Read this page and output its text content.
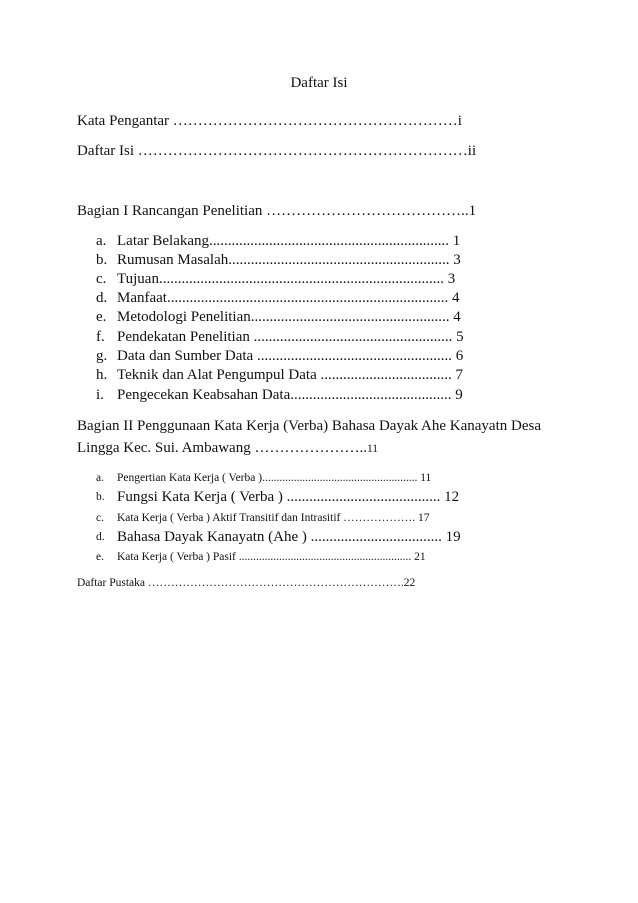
Daftar Isi
Kata Pengantar …………………………………………………i
Daftar Isi …………………………………………………………ii
Bagian I Rancangan Penelitian …………………………………..1
a. Latar Belakang................................................................ 1
b. Rumusan Masalah........................................................... 3
c. Tujuan............................................................................ 3
d. Manfaat........................................................................... 4
e. Metodologi Penelitian..................................................... 4
f. Pendekatan Penelitian ..................................................... 5
g. Data dan Sumber Data .................................................... 6
h. Teknik dan Alat Pengumpul Data ................................... 7
i. Pengecekan Keabsahan Data........................................... 9
Bagian II Penggunaan Kata Kerja (Verba) Bahasa Dayak Ahe Kanayatn Desa
Lingga Kec. Sui. Ambawang …………………..11
a.	Pengertian Kata Kerja ( Verba )...................................................... 11
b. Fungsi Kata Kerja ( Verba ) ......................................... 12
c.	Kata Kerja ( Verba ) Aktif Transitif dan Intrasitif ………………. 17
d. Bahasa Dayak Kanayatn (Ahe ) ................................... 19
e.	Kata Kerja ( Verba ) Pasif ............................................................ 21
Daftar Pustaka ………………………………………………………….22
